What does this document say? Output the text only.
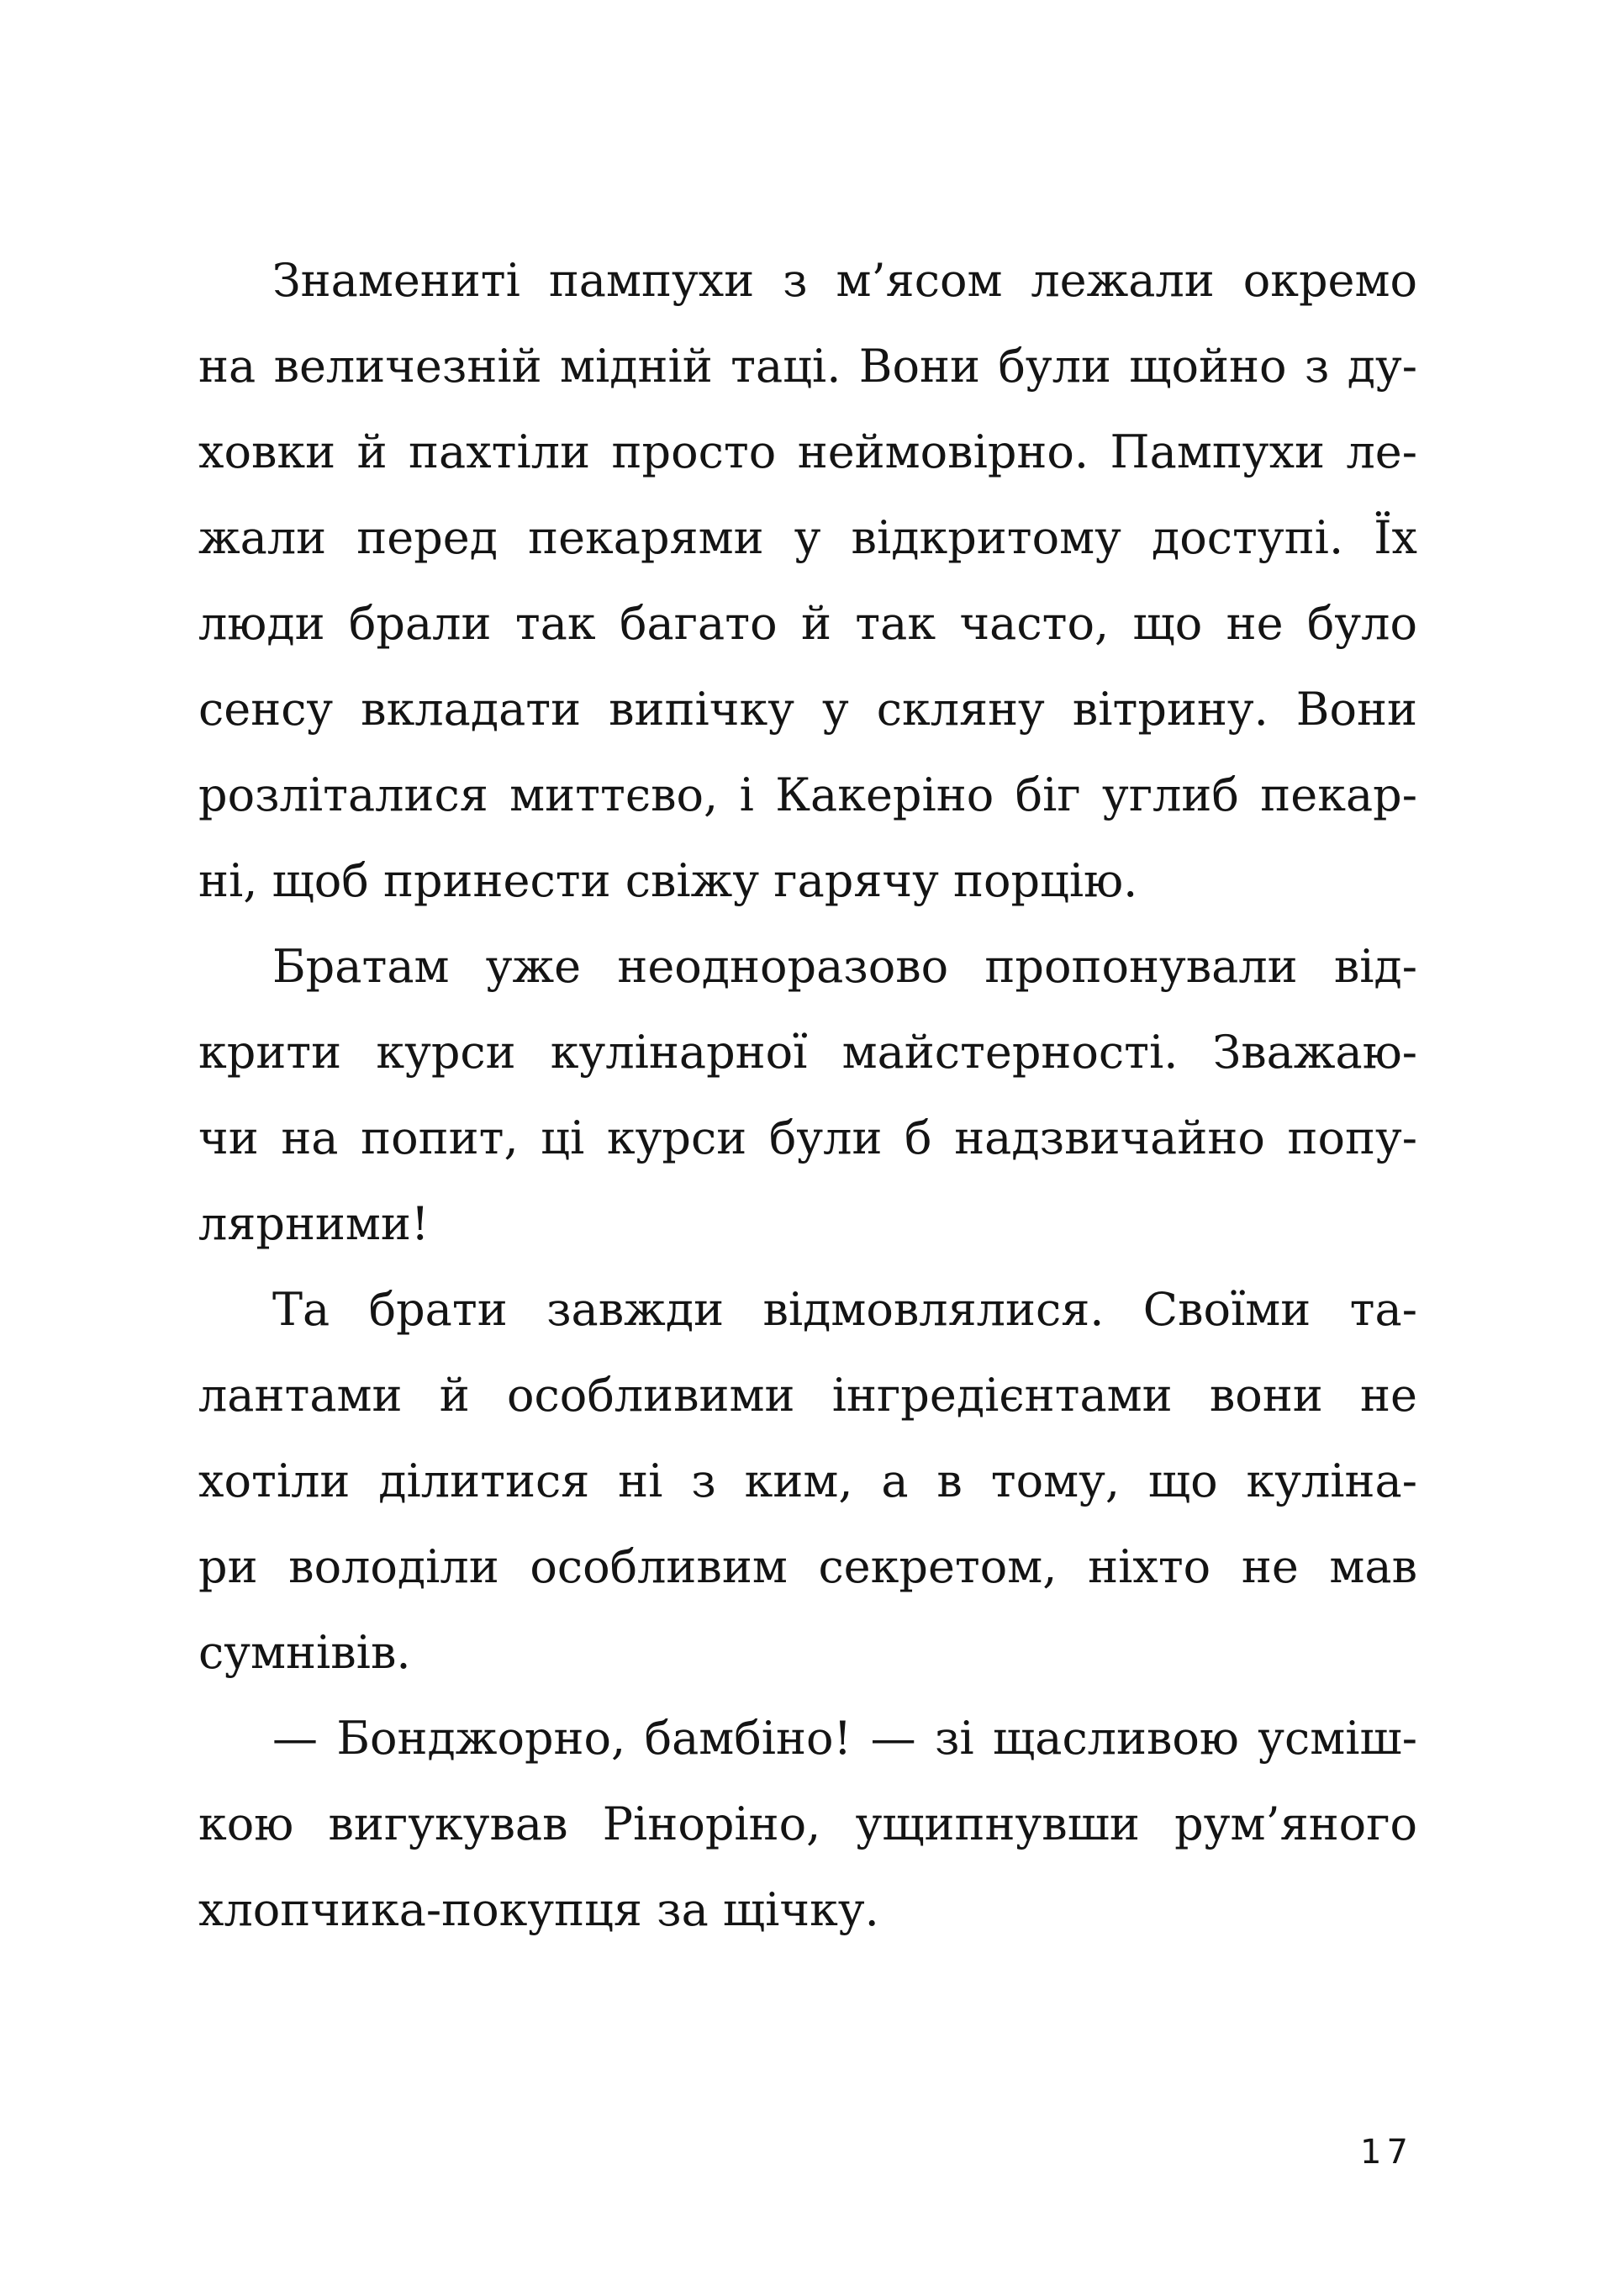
Знамениті пампухи з м’ясом лежали окремо
на величезній мідній таці. Вони були щойно з ду-
ховки й пахтіли просто неймовірно. Пампухи ле-
жали перед пекарями у відкритому доступі. Їх
люди брали так багато й так часто, що не було
сенсу вкладати випічку у скляну вітрину. Вони
розліталися миттєво, і Какеріно біг углиб пекар-
ні, щоб принести свіжу гарячу порцію.
Братам уже неодноразово пропонували від-
крити курси кулінарної майстерності. Зважаю-
чи на попит, ці курси були б надзвичайно попу-
лярними!
Та брати завжди відмовлялися. Своїми та-
лантами й особливими інгредієнтами вони не
хотіли ділитися ні з ким, а в тому, що куліна-
ри володіли особливим секретом, ніхто не мав
сумнівів.
— Бонджорно, бамбіно! — зі щасливою усміш-
кою вигукував Ріноріно, ущипнувши рум’яного
хлопчика-покупця за щічку.
17
